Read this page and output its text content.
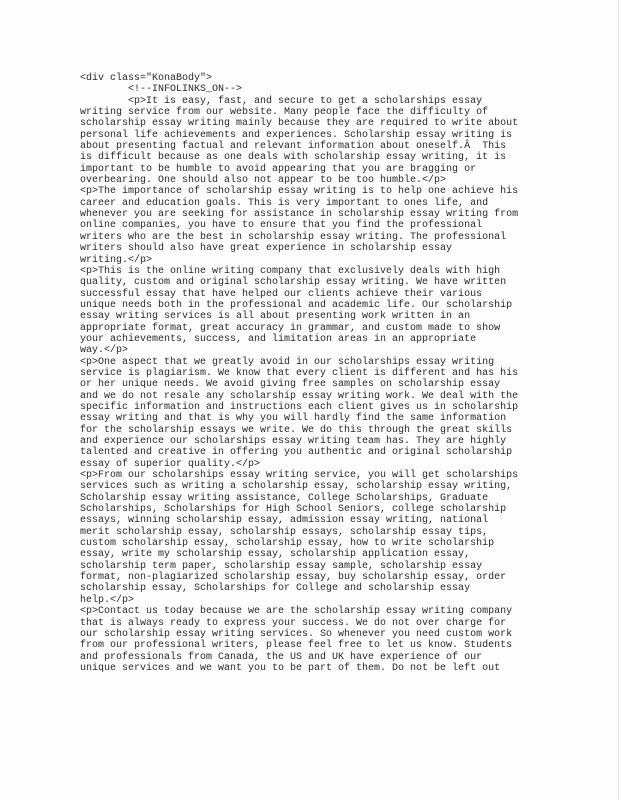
<div class="KonaBody">
<!--INFOLINKS_ON-->
<p>It is easy, fast, and secure to get a scholarships essay
writing service from our website. Many people face the difficulty of
scholarship essay writing mainly because they are required to write about
personal life achievements and experiences. Scholarship essay writing is
about presenting factual and relevant information about oneself.Â  This
is difficult because as one deals with scholarship essay writing, it is
important to be humble to avoid appearing that you are bragging or
overbearing. One should also not appear to be too humble.</p>
<p>The importance of scholarship essay writing is to help one achieve his
career and education goals. This is very important to ones life, and
whenever you are seeking for assistance in scholarship essay writing from
online companies, you have to ensure that you find the professional
writers who are the best in scholarship essay writing. The professional
writers should also have great experience in scholarship essay
writing.</p>
<p>This is the online writing company that exclusively deals with high
quality, custom and original scholarship essay writing. We have written
successful essay that have helped our clients achieve their various
unique needs both in the professional and academic life. Our scholarship
essay writing services is all about presenting work written in an
appropriate format, great accuracy in grammar, and custom made to show
your achievements, success, and limitation areas in an appropriate
way.</p>
<p>One aspect that we greatly avoid in our scholarships essay writing
service is plagiarism. We know that every client is different and has his
or her unique needs. We avoid giving free samples on scholarship essay
and we do not resale any scholarship essay writing work. We deal with the
specific information and instructions each client gives us in scholarship
essay writing and that is why you will hardly find the same information
for the scholarship essays we write. We do this through the great skills
and experience our scholarships essay writing team has. They are highly
talented and creative in offering you authentic and original scholarship
essay of superior quality.</p>
<p>From our scholarships essay writing service, you will get scholarships
services such as writing a scholarship essay, scholarship essay writing,
Scholarship essay writing assistance, College Scholarships, Graduate
Scholarships, Scholarships for High School Seniors, college scholarship
essays, winning scholarship essay, admission essay writing, national
merit scholarship essay, scholarship essays, scholarship essay tips,
custom scholarship essay, scholarship essay, how to write scholarship
essay, write my scholarship essay, scholarship application essay,
scholarship term paper, scholarship essay sample, scholarship essay
format, non-plagiarized scholarship essay, buy scholarship essay, order
scholarship essay, Scholarships for College and scholarship essay
help.</p>
<p>Contact us today because we are the scholarship essay writing company
that is always ready to express your success. We do not over charge for
our scholarship essay writing services. So whenever you need custom work
from our professional writers, please feel free to let us know. Students
and professionals from Canada, the US and UK have experience of our
unique services and we want you to be part of them. Do not be left out
